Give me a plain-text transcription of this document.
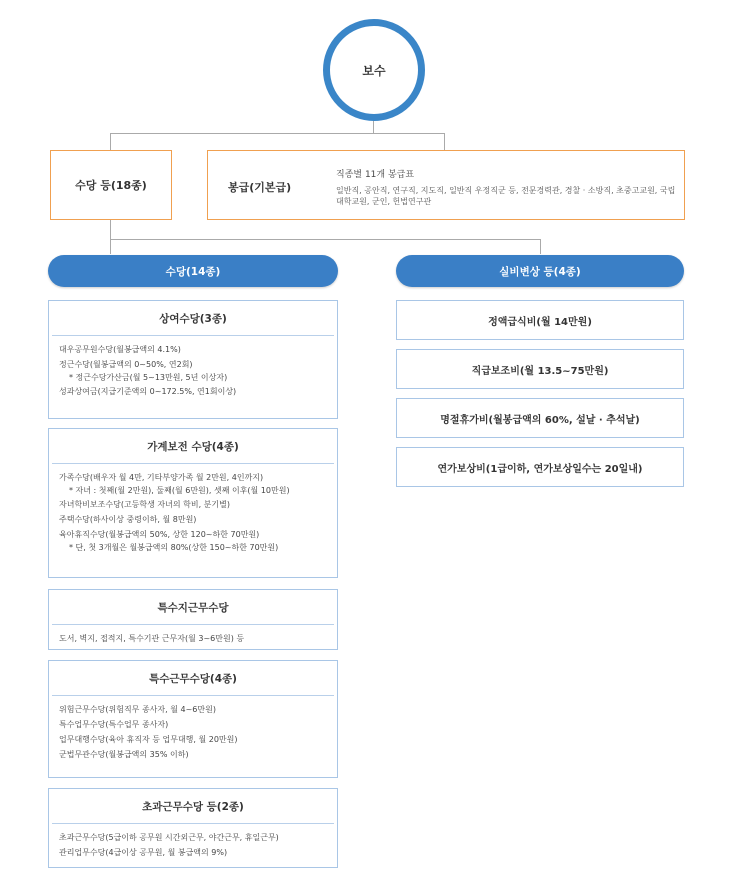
보수
수당 등(18종)	봉급(기본급)
직종별 11개 봉급표
일반직, 공안직, 연구직, 지도직, 일반직 우정직군 등, 전문경력관, 경찰 · 소방직, 초중고교원, 국립대학교원, 군인, 헌법연구관
수당(14종)	실비변상 등(4종)
상여수당(3종)
대우공무원수당(월봉급액의 4.1%)
정근수당(월봉급액의 0~50%, 연2회)
* 정근수당가산금(월 5~13만원, 5년 이상자)
성과상여금(지급기준액의 0~172.5%, 연1회이상)
가계보전 수당(4종)
가족수당(배우자 월 4만, 기타부양가족 월 2만원, 4인까지)
* 자녀 : 첫째(월 2만원), 둘째(월 6만원), 셋째 이후(월 10만원)
자녀학비보조수당(고등학생 자녀의 학비, 분기별)
주택수당(하사이상 중령이하, 월 8만원)
육아휴직수당(월봉급액의 50%, 상한 120~하한 70만원)
* 단, 첫 3개월은 월봉급액의 80%(상한 150~하한 70만원)
특수지근무수당
도서, 벽지, 접적지, 특수기관 근무자(월 3~6만원) 등
특수근무수당(4종)
위험근무수당(위험직무 종사자, 월 4~6만원)
특수업무수당(특수업무 종사자)
업무대행수당(육아 휴직자 등 업무대행, 월 20만원)
군법무관수당(월봉급액의 35% 이하)
초과근무수당 등(2종)
초과근무수당(5급이하 공무원 시간외근무, 야간근무, 휴일근무)
관리업무수당(4급이상 공무원, 월 봉급액의 9%)
정액급식비(월 14만원)
직급보조비(월 13.5~75만원)
명절휴가비(월봉급액의 60%, 설날 · 추석날)
연가보상비(1급이하, 연가보상일수는 20일내)
